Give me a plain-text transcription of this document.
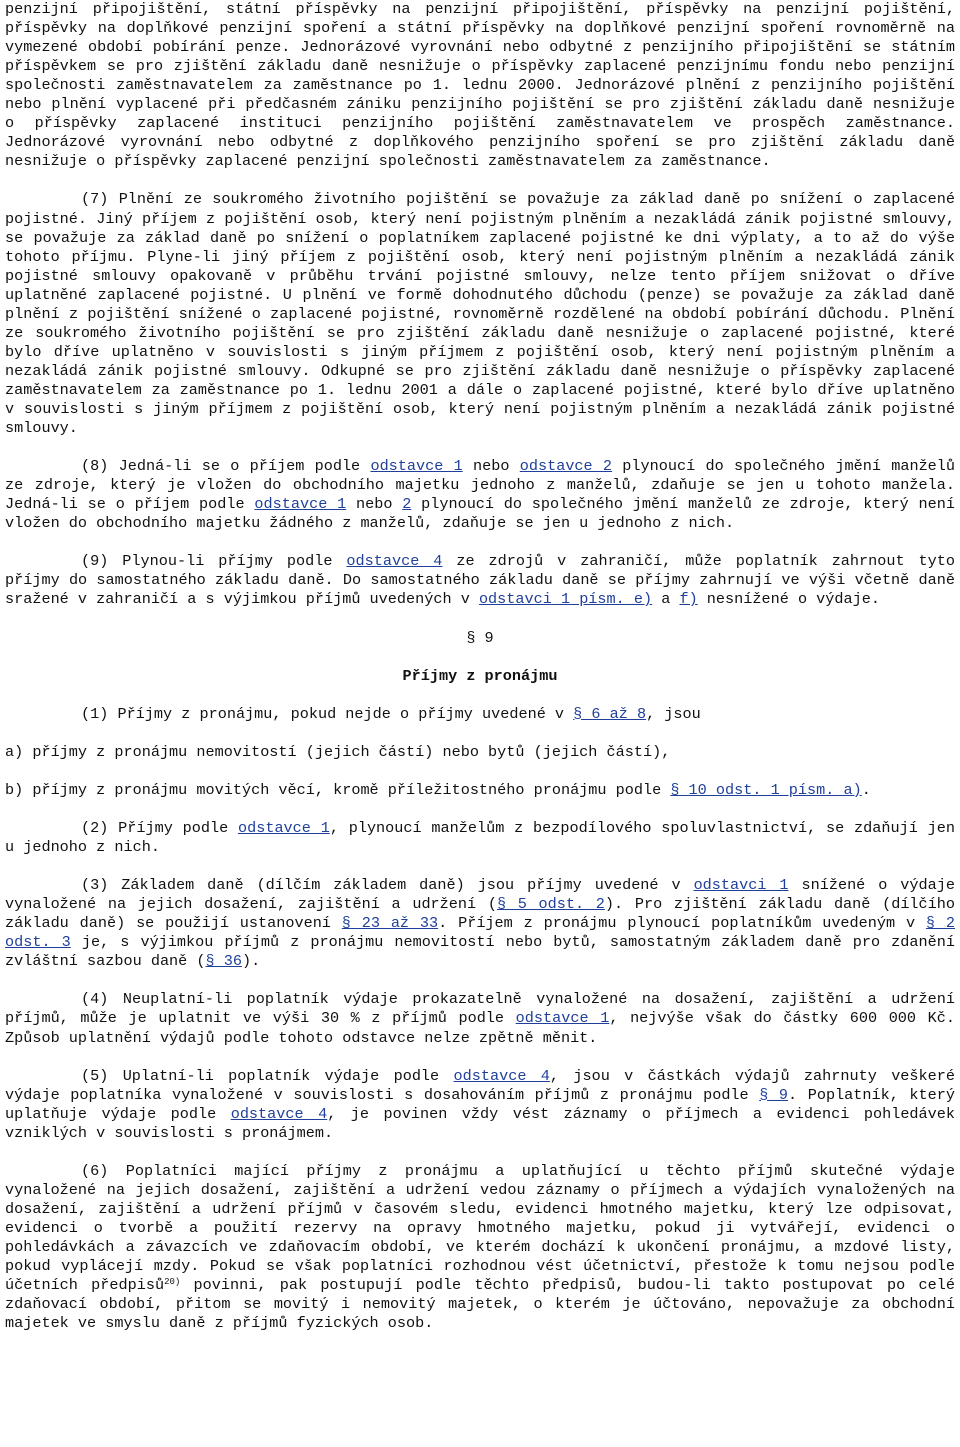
penzijní připojištění, státní příspěvky na penzijní připojištění, příspěvky na penzijní pojištění, příspěvky na doplňkové penzijní spoření a státní příspěvky na doplňkové penzijní spoření rovnoměrně na vymezené období pobírání penze. Jednorázové vyrovnání nebo odbytné z penzijního připojištění se státním příspěvkem se pro zjištění základu daně nesnižuje o příspěvky zaplacené penzijnímu fondu nebo penzijní společnosti zaměstnavatelem za zaměstnance po 1. lednu 2000. Jednorázové plnění z penzijního pojištění nebo plnění vyplacené při předčasném zániku penzijního pojištění se pro zjištění základu daně nesnižuje o příspěvky zaplacené instituci penzijního pojištění zaměstnavatelem ve prospěch zaměstnance. Jednorázové vyrovnání nebo odbytné z doplňkového penzijního spoření se pro zjištění základu daně nesnižuje o příspěvky zaplacené penzijní společnosti zaměstnavatelem za zaměstnance.

(7) Plnění ze soukromého životního pojištění se považuje za základ daně po snížení o zaplacené pojistné. Jiný příjem z pojištění osob, který není pojistným plněním a nezakládá zánik pojistné smlouvy, se považuje za základ daně po snížení o poplatníkem zaplacené pojistné ke dni výplaty, a to až do výše tohoto příjmu. Plyne-li jiný příjem z pojištění osob, který není pojistným plněním a nezakládá zánik pojistné smlouvy opakovaně v průběhu trvání pojistné smlouvy, nelze tento příjem snižovat o dříve uplatněné zaplacené pojistné. U plnění ve formě dohodnutého důchodu (penze) se považuje za základ daně plnění z pojištění snížené o zaplacené pojistné, rovnoměrně rozdělené na období pobírání důchodu. Plnění ze soukromého životního pojištění se pro zjištění základu daně nesnižuje o zaplacené pojistné, které bylo dříve uplatněno v souvislosti s jiným příjmem z pojištění osob, který není pojistným plněním a nezakládá zánik pojistné smlouvy. Odkupné se pro zjištění základu daně nesnižuje o příspěvky zaplacené zaměstnavatelem za zaměstnance po 1. lednu 2001 a dále o zaplacené pojistné, které bylo dříve uplatněno v souvislosti s jiným příjmem z pojištění osob, který není pojistným plněním a nezakládá zánik pojistné smlouvy.

(8) Jedná-li se o příjem podle odstavce 1 nebo odstavce 2 plynoucí do společného jmění manželů ze zdroje, který je vložen do obchodního majetku jednoho z manželů, zdaňuje se jen u tohoto manžela. Jedná-li se o příjem podle odstavce 1 nebo 2 plynoucí do společného jmění manželů ze zdroje, který není vložen do obchodního majetku žádného z manželů, zdaňuje se jen u jednoho z nich.

(9) Plynou-li příjmy podle odstavce 4 ze zdrojů v zahraničí, může poplatník zahrnout tyto příjmy do samostatného základu daně. Do samostatného základu daně se příjmy zahrnují ve výši včetně daně sražené v zahraničí a s výjimkou příjmů uvedených v odstavci 1 písm. e) a f) nesnížené o výdaje.

§ 9

Příjmy z pronájmu

(1) Příjmy z pronájmu, pokud nejde o příjmy uvedené v § 6 až 8, jsou

a) příjmy z pronájmu nemovitostí (jejich částí) nebo bytů (jejich částí),

b) příjmy z pronájmu movitých věcí, kromě příležitostného pronájmu podle § 10 odst. 1 písm. a).

(2) Příjmy podle odstavce 1, plynoucí manželům z bezpodílového spoluvlastnictví, se zdaňují jen u jednoho z nich.

(3) Základem daně (dílčím základem daně) jsou příjmy uvedené v odstavci 1 snížené o výdaje vynaložené na jejich dosažení, zajištění a udržení (§ 5 odst. 2). Pro zjištění základu daně (dílčího základu daně) se použijí ustanovení § 23 až 33. Příjem z pronájmu plynoucí poplatníkům uvedeným v § 2 odst. 3 je, s výjimkou příjmů z pronájmu nemovitostí nebo bytů, samostatným základem daně pro zdanění zvláštní sazbou daně (§ 36).

(4) Neuplatní-li poplatník výdaje prokazatelně vynaložené na dosažení, zajištění a udržení příjmů, může je uplatnit ve výši 30 % z příjmů podle odstavce 1, nejvýše však do částky 600 000 Kč. Způsob uplatnění výdajů podle tohoto odstavce nelze zpětně měnit.

(5) Uplatní-li poplatník výdaje podle odstavce 4, jsou v částkách výdajů zahrnuty veškeré výdaje poplatníka vynaložené v souvislosti s dosahováním příjmů z pronájmu podle § 9. Poplatník, který uplatňuje výdaje podle odstavce 4, je povinen vždy vést záznamy o příjmech a evidenci pohledávek vzniklých v souvislosti s pronájmem.

(6) Poplatníci mající příjmy z pronájmu a uplatňující u těchto příjmů skutečné výdaje vynaložené na jejich dosažení, zajištění a udržení vedou záznamy o příjmech a výdajích vynaložených na dosažení, zajištění a udržení příjmů v časovém sledu, evidenci hmotného majetku, který lze odpisovat, evidenci o tvorbě a použití rezervy na opravy hmotného majetku, pokud ji vytvářejí, evidenci o pohledávkách a závazcích ve zdaňovacím období, ve kterém dochází k ukončení pronájmu, a mzdové listy, pokud vyplácejí mzdy. Pokud se však poplatníci rozhodnou vést účetnictví, přestože k tomu nejsou podle účetních předpisů$^{20)}$ povinni, pak postupují podle těchto předpisů, budou-li takto postupovat po celé zdaňovací období, přitom se movitý i nemovitý majetek, o kterém je účtováno, nepovažuje za obchodní majetek ve smyslu daně z příjmů fyzických osob.
